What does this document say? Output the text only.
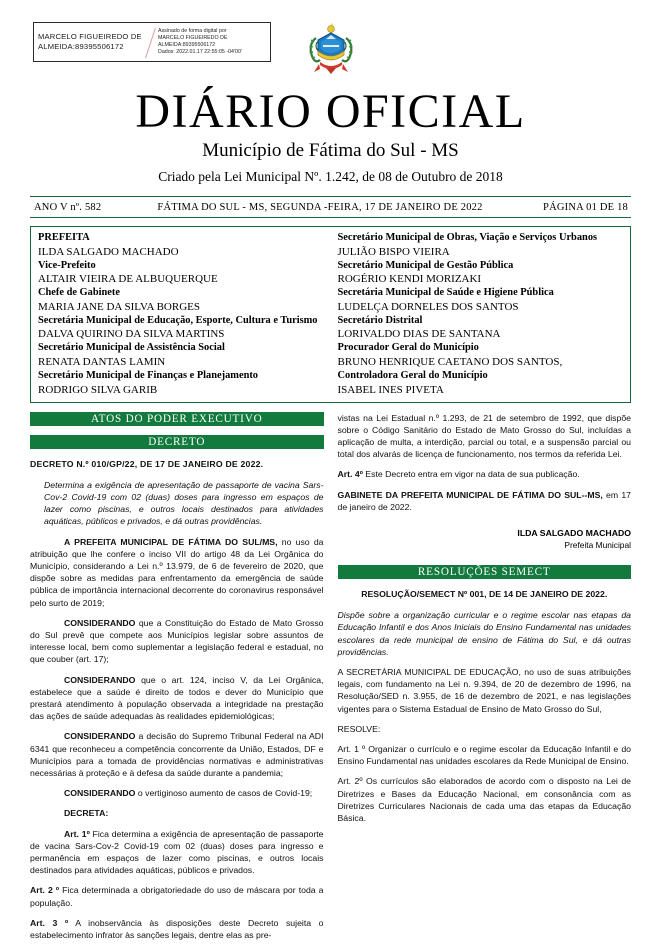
MARCELO FIGUEIREDO DE
ALMEIDA:89395506172
Assinado de forma digital por
MARCELO FIGUEIREDO DE
ALMEIDA:89395506172
Dados: 2022.01.17 22:55:05 -04'00'
DIÁRIO OFICIAL
Município de Fátima do Sul - MS
Criado pela Lei Municipal Nº. 1.242, de 08 de Outubro de 2018
ANO V nº. 582	FÁTIMA DO SUL - MS, SEGUNDA -FEIRA, 17 DE JANEIRO DE 2022	PÁGINA 01 DE 18
PREFEITA
ILDA SALGADO MACHADO
Vice-Prefeito
ALTAIR VIEIRA DE ALBUQUERQUE
Chefe de Gabinete
MARIA JANE DA SILVA BORGES
Secretária Municipal de Educação, Esporte, Cultura e Turismo
DALVA QUIRINO DA SILVA MARTINS
Secretário Municipal de Assistência Social
RENATA DANTAS LAMIN
Secretário Municipal de Finanças e Planejamento
RODRIGO SILVA GARIB
Secretário Municipal de Obras, Viação e Serviços Urbanos
JULIÃO BISPO VIEIRA
Secretário Municipal de Gestão Pública
ROGÉRIO KENDI MORIZAKI
Secretária Municipal de Saúde e Higiene Pública
LUDELÇA DORNELES DOS SANTOS
Secretário Distrital
LORIVALDO DIAS DE SANTANA
Procurador Geral do Município
BRUNO HENRIQUE CAETANO DOS SANTOS,
Controladora Geral do Município
ISABEL INES PIVETA
ATOS DO PODER EXECUTIVO
DECRETO

DECRETO N.º 010/GP/22, DE 17 DE JANEIRO DE 2022.

Determina a exigência de apresentação de passaporte de vacina Sars-Cov-2 Covid-19 com 02 (duas) doses para ingresso em espaços de lazer como piscinas, e outros locais destinados para atividades aquáticas, públicos e privados, e dá outras providências.

A PREFEITA MUNICIPAL DE FÁTIMA DO SUL/MS, no uso da atribuição que lhe confere o inciso VII do artigo 48 da Lei Orgânica do Município, considerando a Lei n.º 13.979, de 6 de fevereiro de 2020, que dispõe sobre as medidas para enfrentamento da emergência de saúde pública de importância internacional decorrente do coronavirus responsável pelo surto de 2019;

CONSIDERANDO que a Constituição do Estado de Mato Grosso do Sul prevê que compete aos Municípios legislar sobre assuntos de interesse local, bem como suplementar a legislação federal e estadual, no que couber (art. 17);

CONSIDERANDO que o art. 124, inciso V, da Lei Orgânica, estabelece que a saúde é direito de todos e dever do Município que prestará atendimento à população observada a integridade na prestação das ações de saúde adequadas às realidades epidemiológicas;

CONSIDERANDO a decisão do Supremo Tribunal Federal na ADI 6341 que reconheceu a competência concorrente da União, Estados, DF e Municípios para a tomada de providências normativas e administrativas necessárias à proteção e à defesa da saúde durante a pandemia;

CONSIDERANDO o vertiginoso aumento de casos de Covid-19;

DECRETA:

Art. 1º Fica determina a exigência de apresentação de passaporte de vacina Sars-Cov-2 Covid-19 com 02 (duas) doses para ingresso e permanência em espaços de lazer como piscinas, e outros locais destinados para atividades aquáticas, públicos e privados.

Art. 2 º Fica determinada a obrigatoriedade do uso de máscara por toda a população.

Art. 3 º A inobservância às disposições deste Decreto sujeita o estabelecimento infrator às sanções legais, dentre elas as pre-

vistas na Lei Estadual n.º 1.293, de 21 de setembro de 1992, que dispõe sobre o Código Sanitário do Estado de Mato Grosso do Sul, incluídas a aplicação de multa, a interdição, parcial ou total, e a suspensão parcial ou total dos alvarás de licença de funcionamento, nos termos da referida Lei.

Art. 4º Este Decreto entra em vigor na data de sua publicação.

GABINETE DA PREFEITA MUNICIPAL DE FÁTIMA DO SUL--MS, em 17 de janeiro de 2022.

ILDA SALGADO MACHADO
Prefeita Municipal
RESOLUÇÕES SEMECT

RESOLUÇÃO/SEMECT Nº 001, DE 14 DE JANEIRO DE 2022.

Dispõe sobre a organização curricular e o regime escolar nas etapas da Educação Infantil e dos Anos Iniciais do Ensino Fundamental nas unidades escolares da rede municipal de ensino de Fátima do Sul, e dá outras providências.

A SECRETÁRIA MUNICIPAL DE EDUCAÇÃO, no uso de suas atribuições legais, com fundamento na Lei n. 9.394, de 20 de dezembro de 1996, na Resolução/SED n. 3.955, de 16 de dezembro de 2021, e nas legislações vigentes para o Sistema Estadual de Ensino de Mato Grosso do Sul,

RESOLVE:

Art. 1 º Organizar o currículo e o regime escolar da Educação Infantil e do Ensino Fundamental nas unidades escolares da Rede Municipal de Ensino.

Art. 2º Os currículos são elaborados de acordo com o disposto na Lei de Diretrizes e Bases da Educação Nacional, em consonância com as Diretrizes Curriculares Nacionais de cada uma das etapas da Educação Básica.
